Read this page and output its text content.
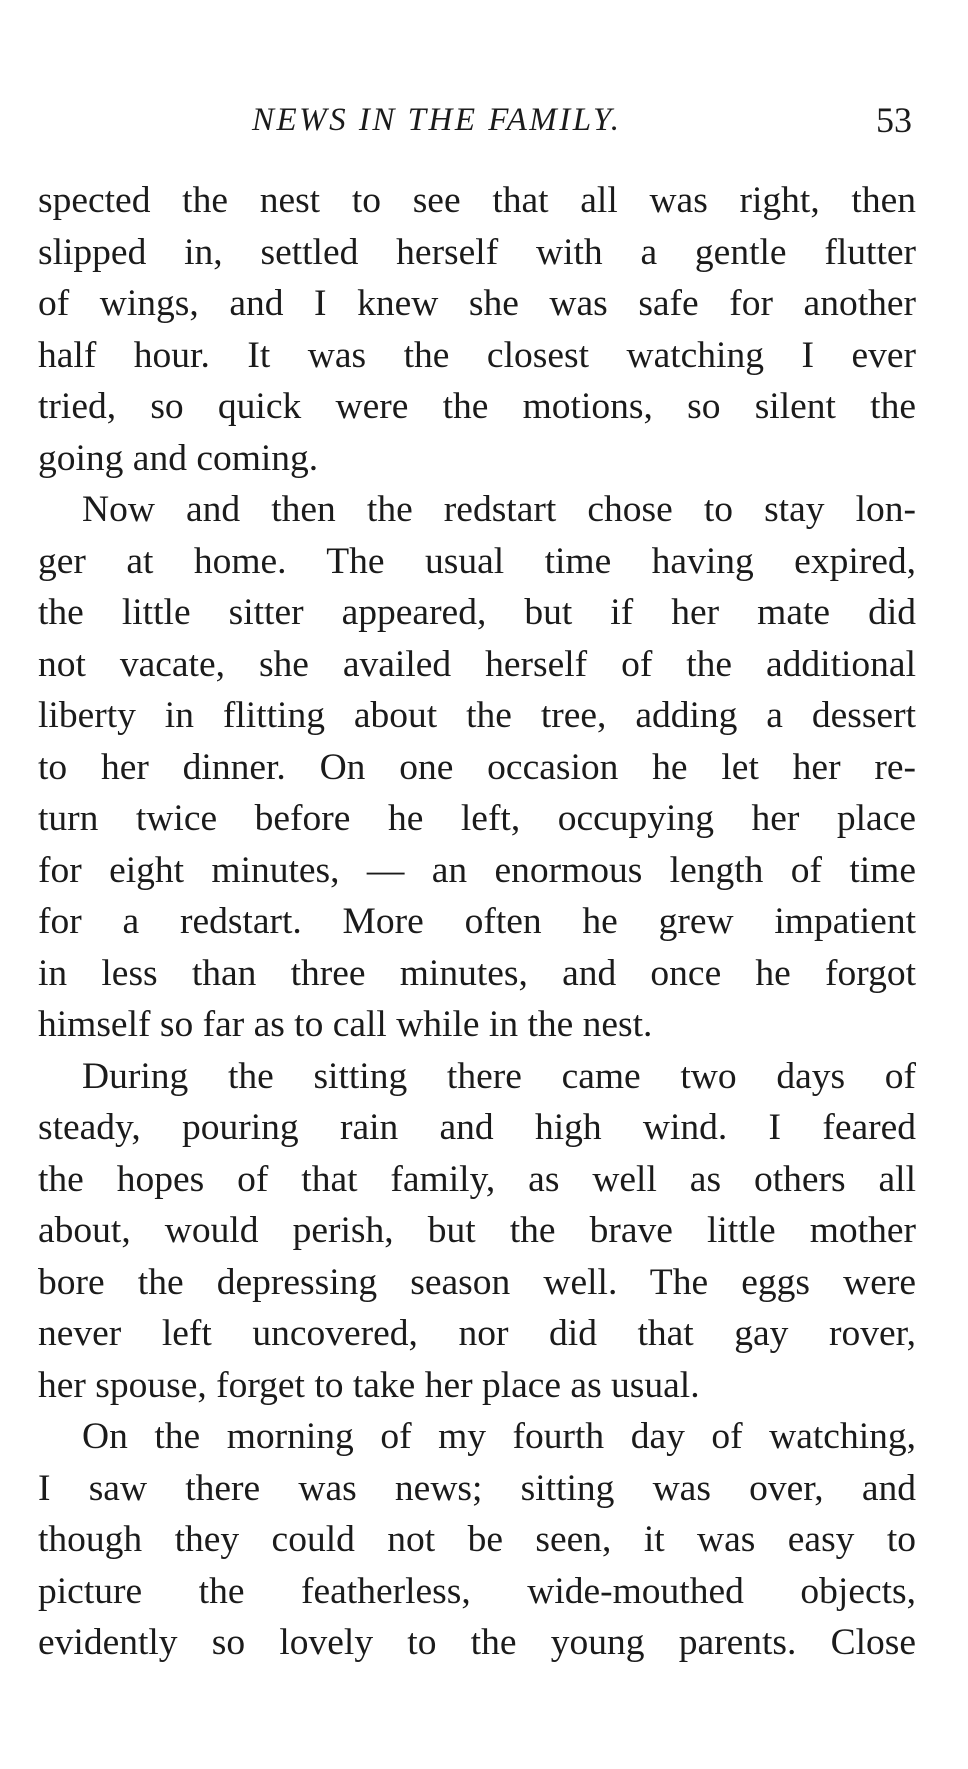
NEWS IN THE FAMILY.	53

spected the nest to see that all was right, then
slipped in, settled herself with a gentle flutter
of wings, and I knew she was safe for another
half hour. It was the closest watching I ever
tried, so quick were the motions, so silent the
going and coming.

Now and then the redstart chose to stay lon-
ger at home. The usual time having expired,
the little sitter appeared, but if her mate did
not vacate, she availed herself of the additional
liberty in flitting about the tree, adding a dessert
to her dinner. On one occasion he let her re-
turn twice before he left, occupying her place
for eight minutes, — an enormous length of time
for a redstart. More often he grew impatient
in less than three minutes, and once he forgot
himself so far as to call while in the nest.

During the sitting there came two days of
steady, pouring rain and high wind. I feared
the hopes of that family, as well as others all
about, would perish, but the brave little mother
bore the depressing season well. The eggs were
never left uncovered, nor did that gay rover,
her spouse, forget to take her place as usual.

On the morning of my fourth day of watching,
I saw there was news; sitting was over, and
though they could not be seen, it was easy to
picture the featherless, wide-mouthed objects,
evidently so lovely to the young parents. Close
